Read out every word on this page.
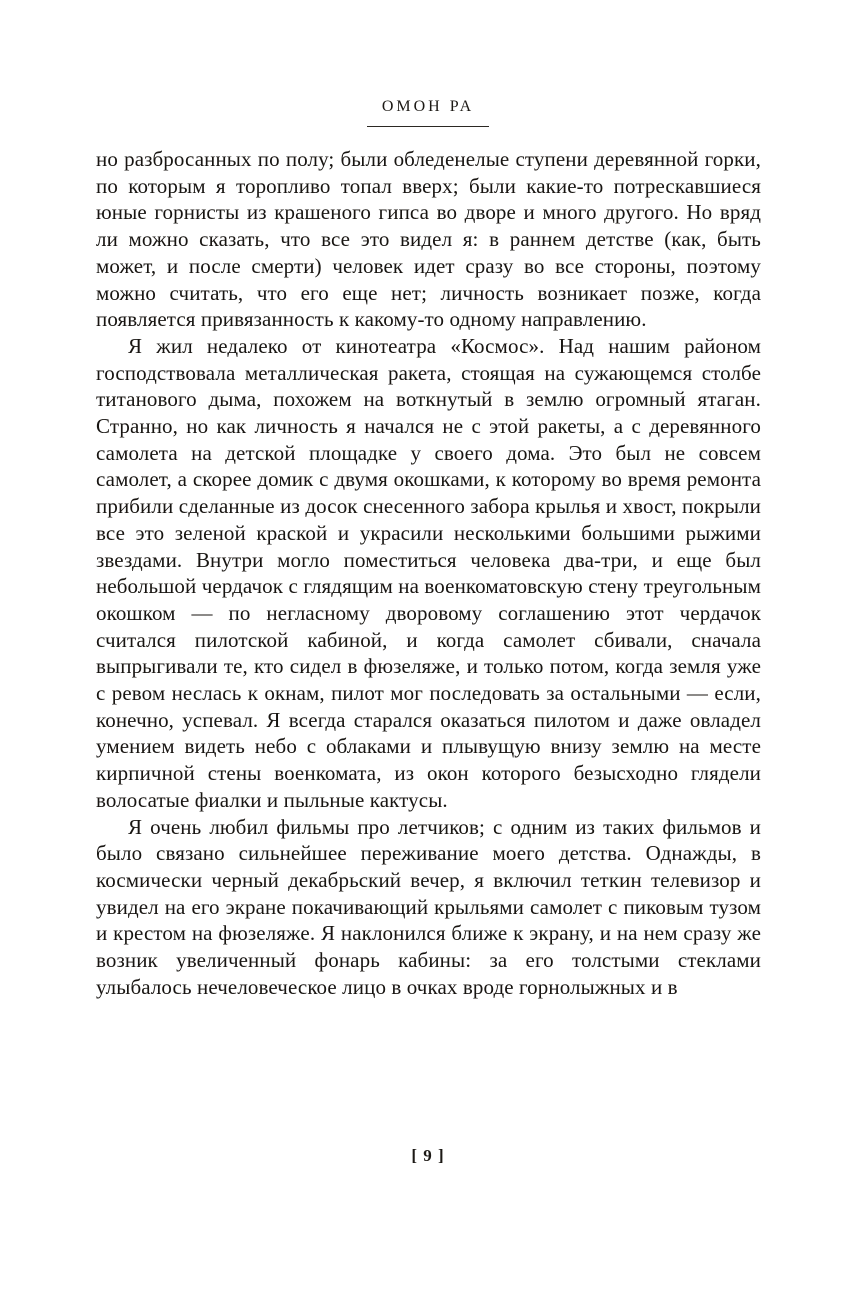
ОМОН РА

но разбросанных по полу; были обледенелые ступени деревянной горки, по которым я торопливо топал вверх; были какие-то потрескавшиеся юные горнисты из крашеного гипса во дворе и много другого. Но вряд ли можно сказать, что все это видел я: в раннем детстве (как, быть может, и после смерти) человек идет сразу во все стороны, поэтому можно считать, что его еще нет; личность возникает позже, когда появляется привязанность к какому-то одному направлению.

Я жил недалеко от кинотеатра «Космос». Над нашим районом господствовала металлическая ракета, стоящая на сужающемся столбе титанового дыма, похожем на воткнутый в землю огромный ятаган. Странно, но как личность я начался не с этой ракеты, а с деревянного самолета на детской площадке у своего дома. Это был не совсем самолет, а скорее домик с двумя окошками, к которому во время ремонта прибили сделанные из досок снесенного забора крылья и хвост, покрыли все это зеленой краской и украсили несколькими большими рыжими звездами. Внутри могло поместиться человека два-три, и еще был небольшой чердачок с глядящим на военкоматовскую стену треугольным окошком — по негласному дворовому соглашению этот чердачок считался пилотской кабиной, и когда самолет сбивали, сначала выпрыгивали те, кто сидел в фюзеляже, и только потом, когда земля уже с ревом неслась к окнам, пилот мог последовать за остальными — если, конечно, успевал. Я всегда старался оказаться пилотом и даже овладел умением видеть небо с облаками и плывущую внизу землю на месте кирпичной стены военкомата, из окон которого безысходно глядели волосатые фиалки и пыльные кактусы.

Я очень любил фильмы про летчиков; с одним из таких фильмов и было связано сильнейшее переживание моего детства. Однажды, в космически черный декабрьский вечер, я включил теткин телевизор и увидел на его экране покачивающий крыльями самолет с пиковым тузом и крестом на фюзеляже. Я наклонился ближе к экрану, и на нем сразу же возник увеличенный фонарь кабины: за его толстыми стеклами улыбалось нечеловеческое лицо в очках вроде горнолыжных и в

[ 9 ]
